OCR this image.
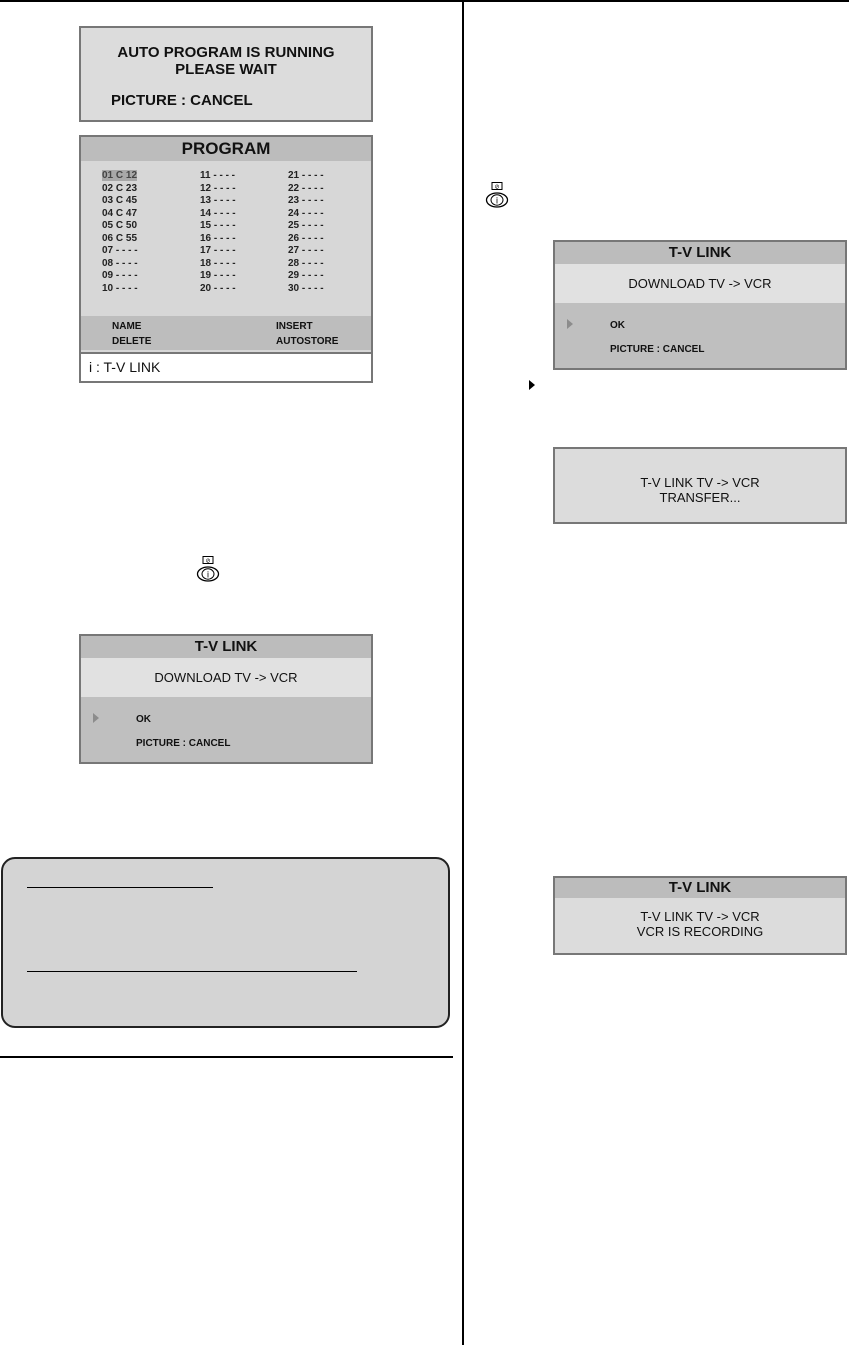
AUTO PROGRAM IS RUNNING
PLEASE WAIT
PICTURE : CANCEL
PROGRAM
01 C 12
02 C 23
03 C 45
04 C 47
05 C 50
06 C 55
07 - - - -
08 - - - -
09 - - - -
10 - - - -
11 - - - -
12 - - - -
13 - - - -
14 - - - -
15 - - - -
16 - - - -
17 - - - -
18 - - - -
19 - - - -
20 - - - -
21 - - - -
22 - - - -
23 - - - -
24 - - - -
25 - - - -
26 - - - -
27 - - - -
28 - - - -
29 - - - -
30 - - - -
NAME
DELETE
INSERT
AUTOSTORE
i : T-V LINK
⊘
i
⊘
i
T-V LINK
DOWNLOAD TV -> VCR
OK
PICTURE : CANCEL
T-V LINK
DOWNLOAD TV -> VCR
OK
PICTURE : CANCEL
T-V LINK TV -> VCR
TRANSFER...
T-V LINK
T-V LINK TV -> VCR
VCR IS RECORDING
